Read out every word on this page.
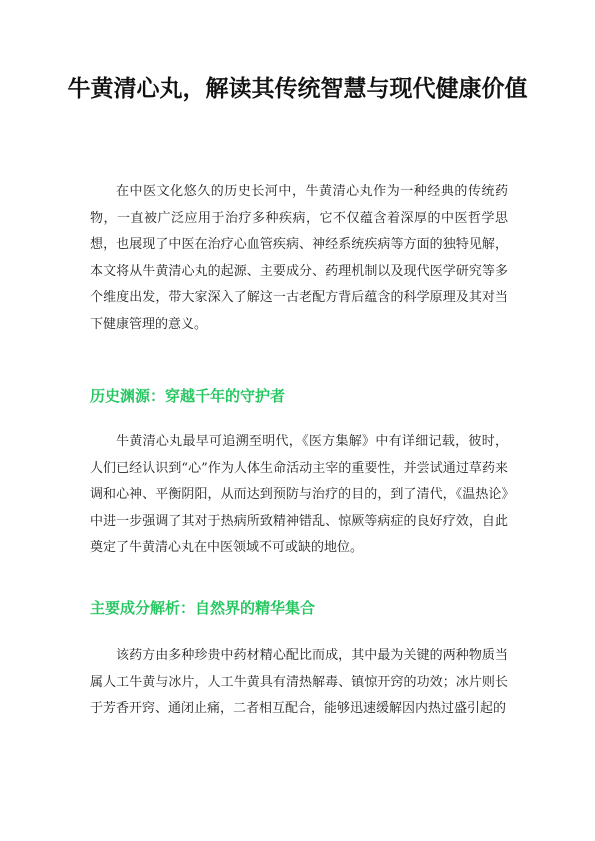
牛黄清心丸，解读其传统智慧与现代健康价值

在中医文化悠久的历史长河中，牛黄清心丸作为一种经典的传统药物，一直被广泛应用于治疗多种疾病，它不仅蕴含着深厚的中医哲学思想，也展现了中医在治疗心血管疾病、神经系统疾病等方面的独特见解，本文将从牛黄清心丸的起源、主要成分、药理机制以及现代医学研究等多个维度出发，带大家深入了解这一古老配方背后蕴含的科学原理及其对当下健康管理的意义。

历史渊源：穿越千年的守护者

牛黄清心丸最早可追溯至明代，《医方集解》中有详细记载，彼时，人们已经认识到“心”作为人体生命活动主宰的重要性，并尝试通过草药来调和心神、平衡阴阳，从而达到预防与治疗的目的，到了清代，《温热论》中进一步强调了其对于热病所致精神错乱、惊厥等病症的良好疗效，自此奠定了牛黄清心丸在中医领域不可或缺的地位。

主要成分解析：自然界的精华集合

该药方由多种珍贵中药材精心配比而成，其中最为关键的两种物质当属人工牛黄与冰片，人工牛黄具有清热解毒、镇惊开窍的功效；冰片则长于芳香开窍、通闭止痛，二者相互配合，能够迅速缓解因内热过盛引起的
